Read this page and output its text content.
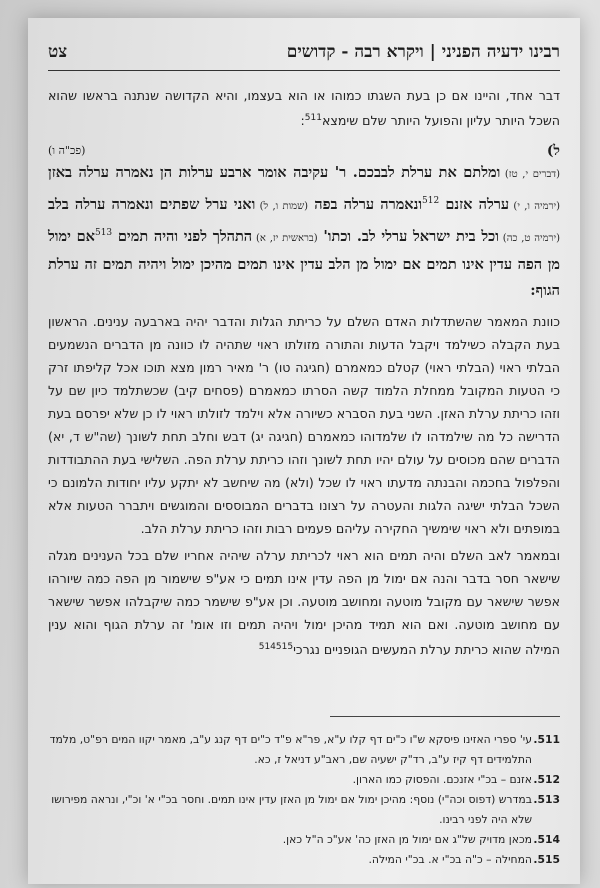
רבינו ידעיה הפניני | ויקרא רבה - קדושים
צט

דבר אחד, והיינו אם כן בעת השגתו כמוהו או הוא בעצמו, והיא הקדושה שנתנה בראשו שהוא השכל היותר עליון והפועל היותר שלם שימצא$^{511}$:

ל)
(פכ"ה ו)

(דברים י, טז) ומלתם את ערלת לבבכם. ר' עקיבה אומר ארבע ערלות הן נאמרה ערלה באזן (ירמיה ו, י) ערלה אזנם $^{512}$ונאמרה ערלה בפה (שמות ו, ל) ואני ערל שפתים ונאמרה ערלה בלב (ירמיה ט, כה) וכל בית ישראל ערלי לב. וכתו' (בראשית יז, א) התהלך לפני והיה תמים $^{513}$אם ימול מן הפה עדין אינו תמים אם ימול מן הלב עדין אינו תמים מהיכן ימול ויהיה תמים זה ערלת הגוף:

כוונת המאמר שהשתדלות האדם השלם על כריתת הגלות והדבר יהיה בארבעה ענינים. הראשון בעת הקבלה כשילמד ויקבל הדעות והתורה מזולתו ראוי שתהיה לו כוונה מן הדברים הנשמעים הבלתי ראוי (הבלתי ראוי) קטלם כמאמרם (חגיגה טו) ר' מאיר רמון מצא תוכו אכל קליפתו זרק כי הטעות המקובל ממחלת הלמוד קשה הסרתו כמאמרם (פסחים קיב) שכשתלמד כיון שם על וזהו כריתת ערלת האזן. השני בעת הסברא כשיורה אלא וילמד לזולתו ראוי לו כן שלא יפרסם בעת הדרישה כל מה שילמדהו לו שלמדוהו כמאמרם (חגיגה יג) דבש וחלב תחת לשונך (שה"ש ד, יא) הדברים שהם מכוסים על עולם יהיו תחת לשונך וזהו כריתת ערלת הפה. השלישי בעת ההתבודדות והפלפול בחכמה והבנתה מדעתו ראוי לו שכל (ולא) מה שיחשב לא יתקע עליו יחודות הלמונם כי השכל הבלתי ישיגה הלגות והעטרה על רצונו בדברים המבוססים והמוגשים ויתברר הטעות אלא במופתים ולא ראוי שימשיך החקירה עליהם פעמים רבות וזהו כריתת ערלת הלב.

ובמאמר לאב השלם והיה תמים הוא ראוי לכריתת ערלה שיהיה אחריו שלם בכל הענינים מגלה שישאר חסר בדבר והנה אם ימול מן הפה עדין אינו תמים כי אע"פ שישמור מן הפה כמה שיורהו אפשר שישאר עם מקובל מוטעה ומחושב מוטעה. וכן אע"פ שישמר כמה שיקבלהו אפשר שישאר עם מחושב מוטעה. ואם הוא תמיד מהיכן ימול ויהיה תמים וזו אומ' זה ערלת הגוף והוא ענין המילה שהוא כריתת ערלת המעשים הגופניים נגרכי$^{514515}$

511.
עי' ספרי האזינו פיסקא ש"ו כ"ים דף קלו ע"א, פר"א פ"ד כ"ים דף קנג ע"ב, מאמר יקוו המים רפ"ט, מלמד התלמידים דף קיז ע"ב, רד"ק ישעיה שם, ראב"ע דניאל ז, כא.
512.
אזנם – בכ"י אזנכם. והפסוק כמו הארון.
513.
במדרש (דפוס וכה"י) נוסף: מהיכן ימול אם ימול מן האזן עדין אינו תמים. וחסר בכ"י א' וכ"י, ונראה מפירושו שלא היה לפני רבינו.
514.
מכאן מדויק של"ג אם ימול מן האזן כה' אע"כ ה"ל כאן.
515.
המחילה – כ"ה בכ"י א. בכ"י המילה.
